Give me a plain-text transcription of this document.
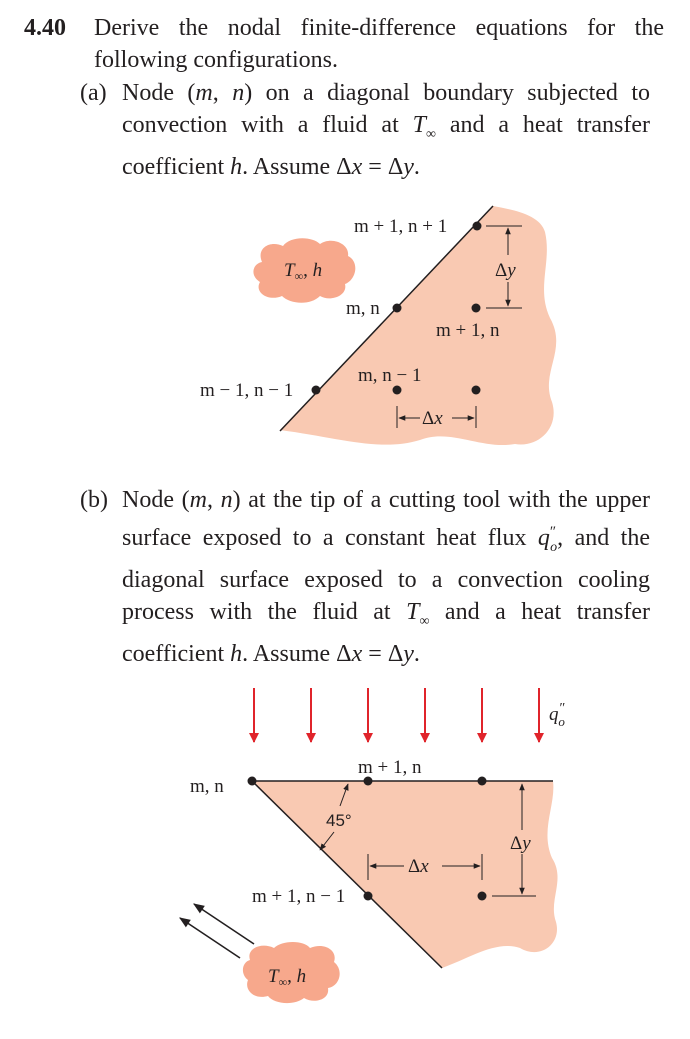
4.40 Derive the nodal finite-difference equations for the following configurations.
(a) Node (m, n) on a diagonal boundary subjected to convection with a fluid at $T_\infty$ and a heat transfer coefficient h. Assume Δx = Δy.
(b) Node (m, n) at the tip of a cutting tool with the upper surface exposed to a constant heat flux $q''_o$, and the diagonal surface exposed to a convection cooling process with the fluid at $T_\infty$ and a heat transfer coefficient h. Assume Δx = Δy.
$T_\infty$, h
m + 1, n + 1
m, n
m + 1, n
m, n − 1
m − 1, n − 1
Δy
Δx
q″ o
m, n
m + 1, n
m + 1, n − 1
45°
Δy
Δx
$T_\infty$, h
